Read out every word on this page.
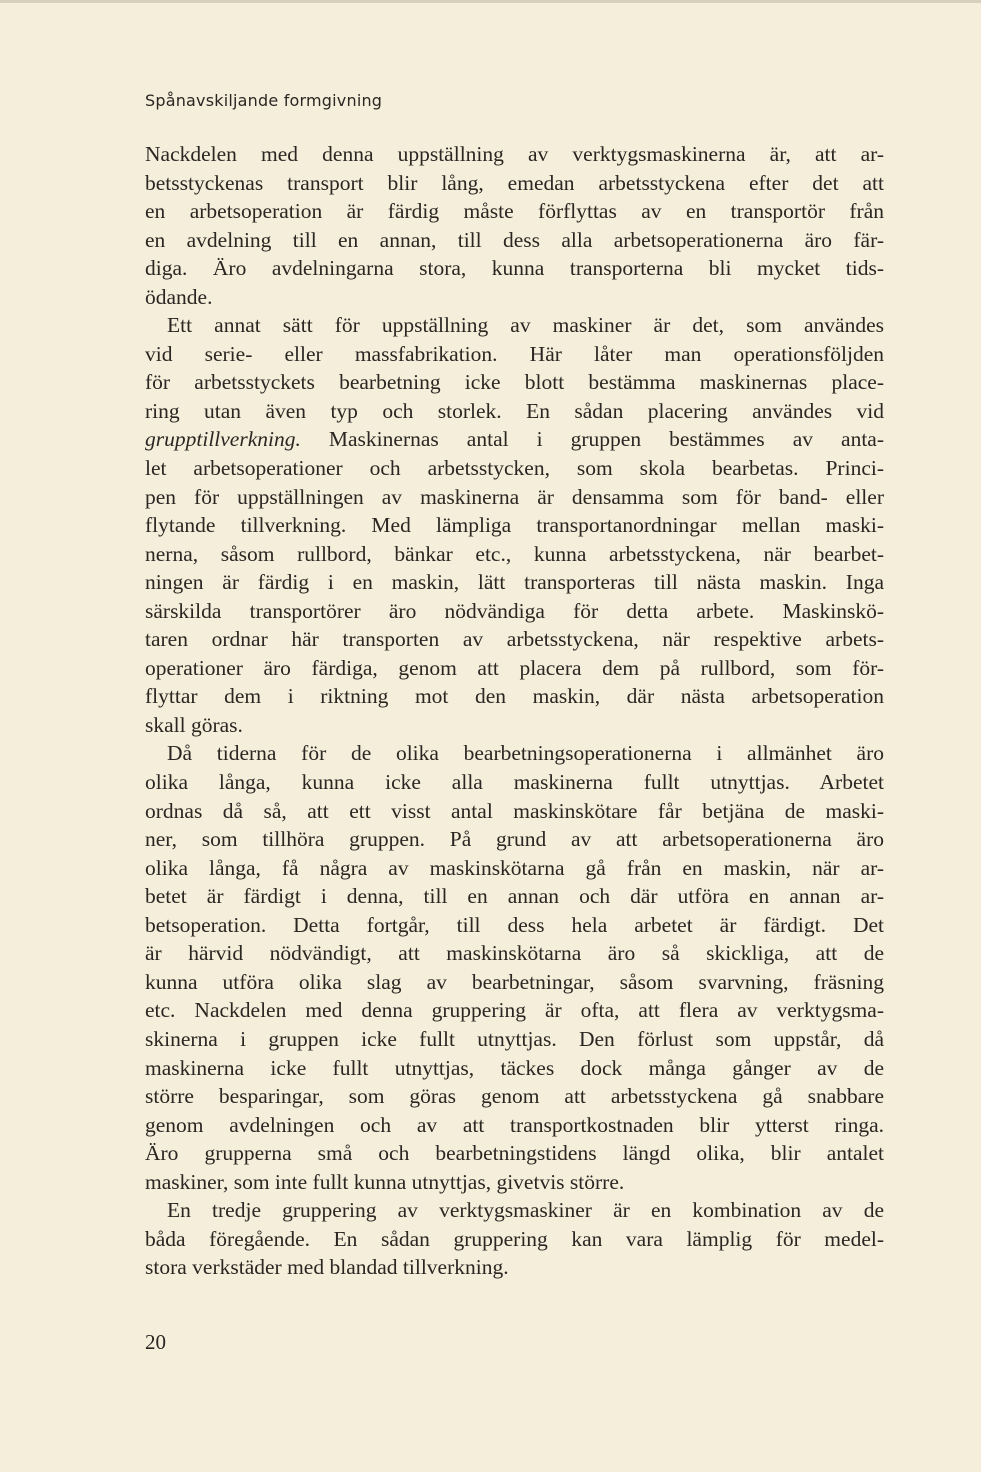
Spånavskiljande formgivning
Nackdelen med denna uppställning av verktygsmaskinerna är, att ar-
betsstyckenas transport blir lång, emedan arbetsstyckena efter det att
en arbetsoperation är färdig måste förflyttas av en transportör från
en avdelning till en annan, till dess alla arbetsoperationerna äro fär-
diga. Äro avdelningarna stora, kunna transporterna bli mycket tids-
ödande.
Ett annat sätt för uppställning av maskiner är det, som användes
vid serie- eller massfabrikation. Här låter man operationsföljden
för arbetsstyckets bearbetning icke blott bestämma maskinernas place-
ring utan även typ och storlek. En sådan placering användes vid
grupptillverkning. Maskinernas antal i gruppen bestämmes av anta-
let arbetsoperationer och arbetsstycken, som skola bearbetas. Princi-
pen för uppställningen av maskinerna är densamma som för band- eller
flytande tillverkning. Med lämpliga transportanordningar mellan maski-
nerna, såsom rullbord, bänkar etc., kunna arbetsstyckena, när bearbet-
ningen är färdig i en maskin, lätt transporteras till nästa maskin. Inga
särskilda transportörer äro nödvändiga för detta arbete. Maskinskö-
taren ordnar här transporten av arbetsstyckena, när respektive arbets-
operationer äro färdiga, genom att placera dem på rullbord, som för-
flyttar dem i riktning mot den maskin, där nästa arbetsoperation
skall göras.
Då tiderna för de olika bearbetningsoperationerna i allmänhet äro
olika långa, kunna icke alla maskinerna fullt utnyttjas. Arbetet
ordnas då så, att ett visst antal maskinskötare får betjäna de maski-
ner, som tillhöra gruppen. På grund av att arbetsoperationerna äro
olika långa, få några av maskinskötarna gå från en maskin, när ar-
betet är färdigt i denna, till en annan och där utföra en annan ar-
betsoperation. Detta fortgår, till dess hela arbetet är färdigt. Det
är härvid nödvändigt, att maskinskötarna äro så skickliga, att de
kunna utföra olika slag av bearbetningar, såsom svarvning, fräsning
etc. Nackdelen med denna gruppering är ofta, att flera av verktygsma-
skinerna i gruppen icke fullt utnyttjas. Den förlust som uppstår, då
maskinerna icke fullt utnyttjas, täckes dock många gånger av de
större besparingar, som göras genom att arbetsstyckena gå snabbare
genom avdelningen och av att transportkostnaden blir ytterst ringa.
Äro grupperna små och bearbetningstidens längd olika, blir antalet
maskiner, som inte fullt kunna utnyttjas, givetvis större.
En tredje gruppering av verktygsmaskiner är en kombination av de
båda föregående. En sådan gruppering kan vara lämplig för medel-
stora verkstäder med blandad tillverkning.
20
